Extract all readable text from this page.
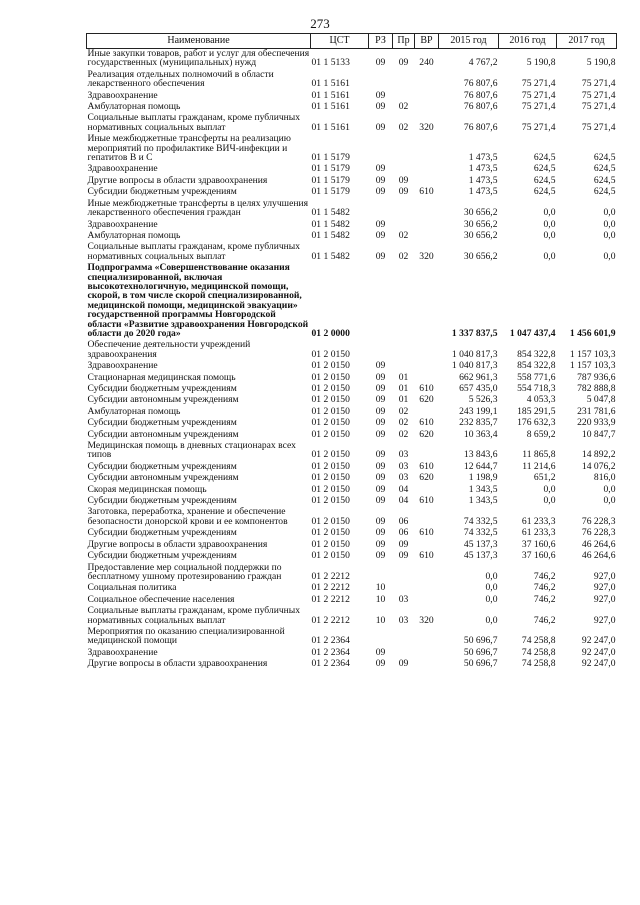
273
Наименование	ЦСТ	РЗ	Пр	ВР	2015 год	2016 год	2017 год
Иные закупки товаров, работ и услуг для обеспечения государственных (муниципальных) нужд	01 1 5133	09	09	240	4 767,2	5 190,8	5 190,8
Реализация отдельных полномочий в области лекарственного обеспечения	01 1 5161				76 807,6	75 271,4	75 271,4
Здравоохранение	01 1 5161	09			76 807,6	75 271,4	75 271,4
Амбулаторная помощь	01 1 5161	09	02		76 807,6	75 271,4	75 271,4
Социальные выплаты гражданам, кроме публичных нормативных социальных выплат	01 1 5161	09	02	320	76 807,6	75 271,4	75 271,4
Иные межбюджетные трансферты на реализацию мероприятий по профилактике ВИЧ-инфекции и гепатитов В и С	01 1 5179				1 473,5	624,5	624,5
Здравоохранение	01 1 5179	09			1 473,5	624,5	624,5
Другие вопросы в области здравоохранения	01 1 5179	09	09		1 473,5	624,5	624,5
Субсидии бюджетным учреждениям	01 1 5179	09	09	610	1 473,5	624,5	624,5
Иные межбюджетные трансферты в целях улучшения лекарственного обеспечения граждан	01 1 5482				30 656,2	0,0	0,0
Здравоохранение	01 1 5482	09			30 656,2	0,0	0,0
Амбулаторная помощь	01 1 5482	09	02		30 656,2	0,0	0,0
Социальные выплаты гражданам, кроме публичных нормативных социальных выплат	01 1 5482	09	02	320	30 656,2	0,0	0,0
Подпрограмма «Совершенствование оказания специализированной, включая высокотехнологичную, медицинской помощи, скорой, в том числе скорой специализированной, медицинской помощи, медицинской эвакуации» государственной программы Новгородской области «Развитие здравоохранения Новгородской области до 2020 года»	01 2 0000				1 337 837,5	1 047 437,4	1 456 601,9
Обеспечение деятельности учреждений здравоохранения	01 2 0150				1 040 817,3	854 322,8	1 157 103,3
Здравоохранение	01 2 0150	09			1 040 817,3	854 322,8	1 157 103,3
Стационарная медицинская помощь	01 2 0150	09	01		662 961,3	558 771,6	787 936,6
Субсидии бюджетным учреждениям	01 2 0150	09	01	610	657 435,0	554 718,3	782 888,8
Субсидии автономным учреждениям	01 2 0150	09	01	620	5 526,3	4 053,3	5 047,8
Амбулаторная помощь	01 2 0150	09	02		243 199,1	185 291,5	231 781,6
Субсидии бюджетным учреждениям	01 2 0150	09	02	610	232 835,7	176 632,3	220 933,9
Субсидии автономным учреждениям	01 2 0150	09	02	620	10 363,4	8 659,2	10 847,7
Медицинская помощь в дневных стационарах всех типов	01 2 0150	09	03		13 843,6	11 865,8	14 892,2
Субсидии бюджетным учреждениям	01 2 0150	09	03	610	12 644,7	11 214,6	14 076,2
Субсидии автономным учреждениям	01 2 0150	09	03	620	1 198,9	651,2	816,0
Скорая медицинская помощь	01 2 0150	09	04		1 343,5	0,0	0,0
Субсидии бюджетным учреждениям	01 2 0150	09	04	610	1 343,5	0,0	0,0
Заготовка, переработка, хранение и обеспечение безопасности донорской крови и ее компонентов	01 2 0150	09	06		74 332,5	61 233,3	76 228,3
Субсидии бюджетным учреждениям	01 2 0150	09	06	610	74 332,5	61 233,3	76 228,3
Другие вопросы в области здравоохранения	01 2 0150	09	09		45 137,3	37 160,6	46 264,6
Субсидии бюджетным учреждениям	01 2 0150	09	09	610	45 137,3	37 160,6	46 264,6
Предоставление мер социальной поддержки по бесплатному ушному протезированию граждан	01 2 2212				0,0	746,2	927,0
Социальная политика	01 2 2212	10			0,0	746,2	927,0
Социальное обеспечение населения	01 2 2212	10	03		0,0	746,2	927,0
Социальные выплаты гражданам, кроме публичных нормативных социальных выплат	01 2 2212	10	03	320	0,0	746,2	927,0
Мероприятия по оказанию специализированной медицинской помощи	01 2 2364				50 696,7	74 258,8	92 247,0
Здравоохранение	01 2 2364	09			50 696,7	74 258,8	92 247,0
Другие вопросы в области здравоохранения	01 2 2364	09	09		50 696,7	74 258,8	92 247,0
